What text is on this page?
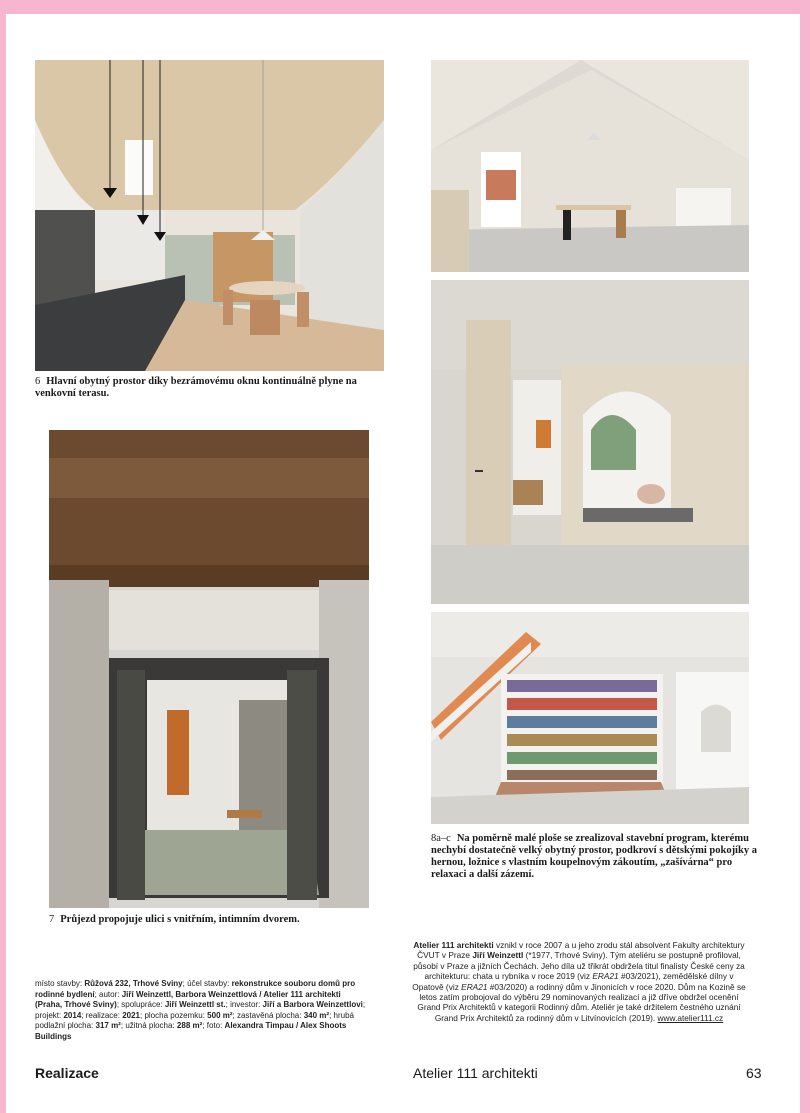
6 Hlavní obytný prostor díky bezrámovému oknu kontinuálně plyne na venkovní terasu.
7 Průjezd propojuje ulici s vnitřním, intimním dvorem.
8a–c Na poměrně malé ploše se zrealizoval stavební program, kterému nechybí dostatečně velký obytný prostor, podkroví s dětskými pokojíky a hernou, ložnice s vlastním koupelnovým zákoutím, „zašívárna“ pro relaxaci a další zázemí.
místo stavby: Růžová 232, Trhové Sviny; účel stavby: rekonstrukce souboru domů pro rodinné bydlení; autor: Jiří Weinzettl, Barbora Weinzettlová / Atelier 111 architekti (Praha, Trhové Sviny); spolupráce: Jiří Weinzettl st.; investor: Jiří a Barbora Weinzettlovi; projekt: 2014; realizace: 2021; plocha pozemku: 500 m²; zastavěná plocha: 340 m²; hrubá podlažní plocha: 317 m²; užitná plocha: 288 m²; foto: Alexandra Timpau / Alex Shoots Buildings
Atelier 111 architekti vznikl v roce 2007 a u jeho zrodu stál absolvent Fakulty architektury ČVUT v Praze Jiří Weinzettl (*1977, Trhové Sviny). Tým ateliéru se postupně profiloval, působí v Praze a jižních Čechách. Jeho díla už třikrát obdržela titul finalisty České ceny za architekturu: chata u rybníka v roce 2019 (viz ERA21 #03/2021), zemědělské dílny v Opatově (viz ERA21 #03/2020) a rodinný dům v Jinonicích v roce 2020. Dům na Kozině se letos zatím probojoval do výběru 29 nominovaných realizací a již dříve obdržel ocenění Grand Prix Architektů v kategorii Rodinný dům. Ateliér je také držitelem čestného uznání Grand Prix Architektů za rodinný dům v Litvínovicích (2019). www.atelier111.cz
Realizace	Atelier 111 architekti	63
